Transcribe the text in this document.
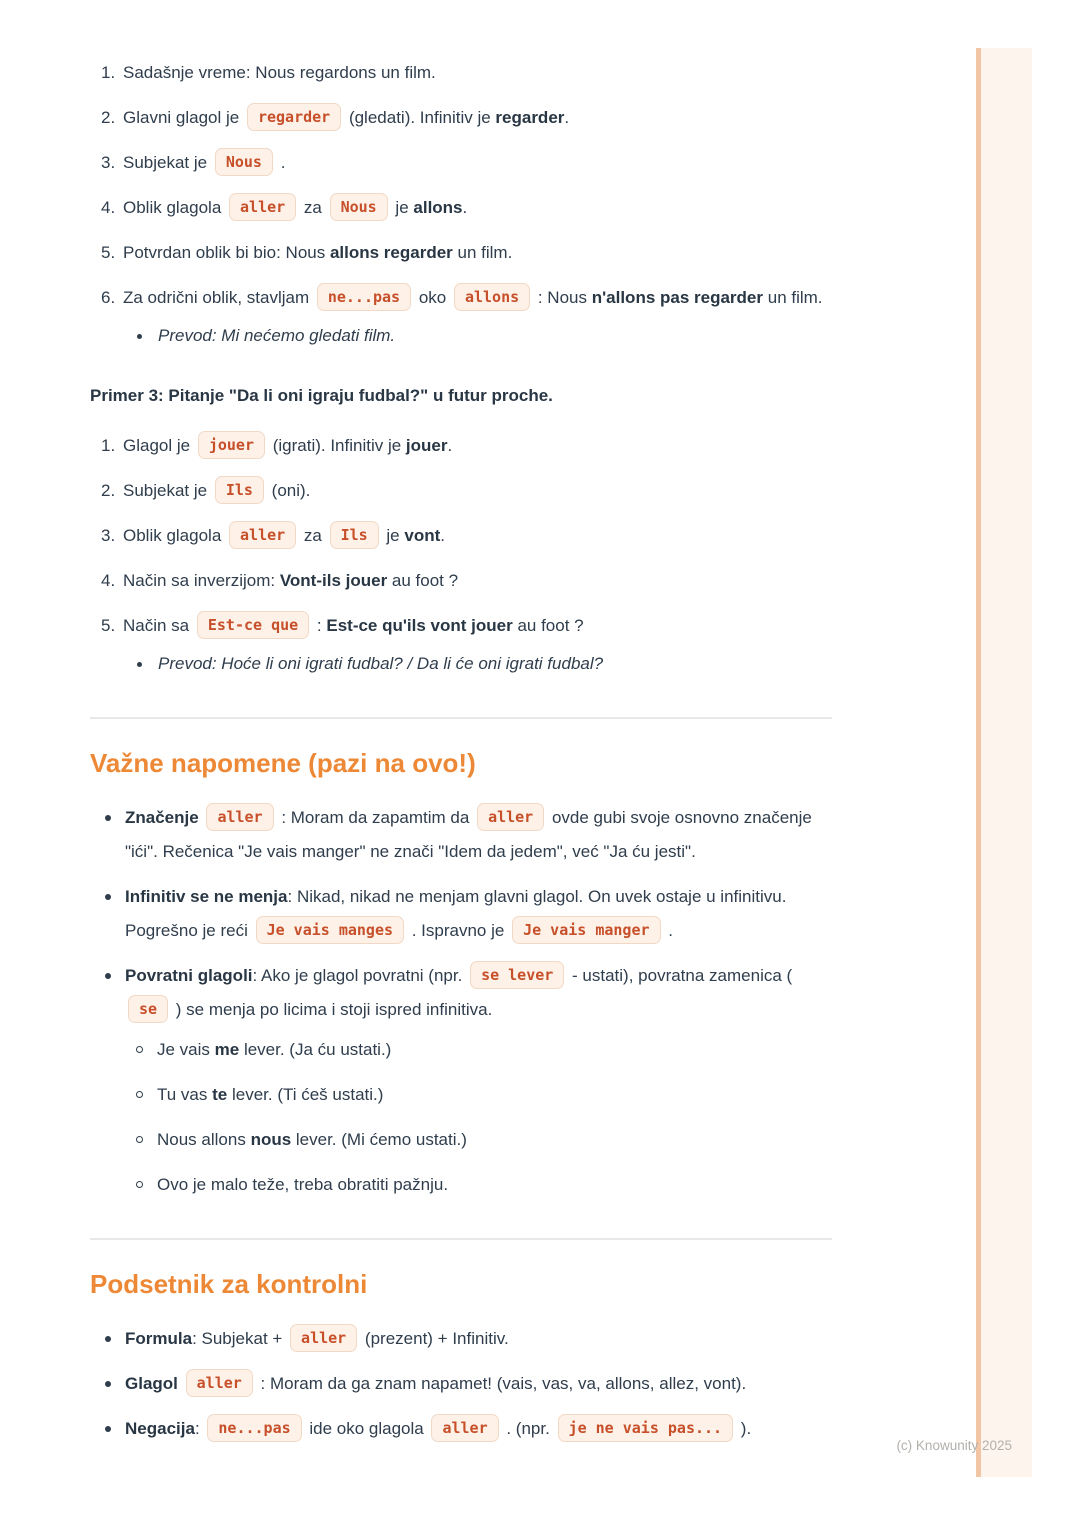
Sadašnje vreme: Nous regardons un film.
Glavni glagol je regarder (gledati). Infinitiv je regarder.
Subjekat je Nous .
Oblik glagola aller za Nous je allons.
Potvrdan oblik bi bio: Nous allons regarder un film.
Za odrični oblik, stavljam ne...pas oko allons : Nous n'allons pas regarder un film.
Prevod: Mi nećemo gledati film.

Primer 3: Pitanje "Da li oni igraju fudbal?" u futur proche.

Glagol je jouer (igrati). Infinitiv je jouer.
Subjekat je Ils (oni).
Oblik glagola aller za Ils je vont.
Način sa inverzijom: Vont-ils jouer au foot ?
Način sa Est-ce que : Est-ce qu'ils vont jouer au foot ?
Prevod: Hoće li oni igrati fudbal? / Da li će oni igrati fudbal?
Važne napomene (pazi na ovo!)
Značenje aller : Moram da zapamtim da aller ovde gubi svoje osnovno značenje "ići". Rečenica "Je vais manger" ne znači "Idem da jedem", već "Ja ću jesti".
Infinitiv se ne menja: Nikad, nikad ne menjam glavni glagol. On uvek ostaje u infinitivu. Pogrešno je reći Je vais manges . Ispravno je Je vais manger .
Povratni glagoli: Ako je glagol povratni (npr. se lever - ustati), povratna zamenica ( se ) se menja po licima i stoji ispred infinitiva.
Je vais me lever. (Ja ću ustati.)
Tu vas te lever. (Ti ćeš ustati.)
Nous allons nous lever. (Mi ćemo ustati.)
Ovo je malo teže, treba obratiti pažnju.
Podsetnik za kontrolni
Formula: Subjekat + aller (prezent) + Infinitiv.
Glagol aller : Moram da ga znam napamet! (vais, vas, va, allons, allez, vont).
Negacija: ne...pas ide oko glagola aller . (npr. je ne vais pas... ).
(c) Knowunity 2025
